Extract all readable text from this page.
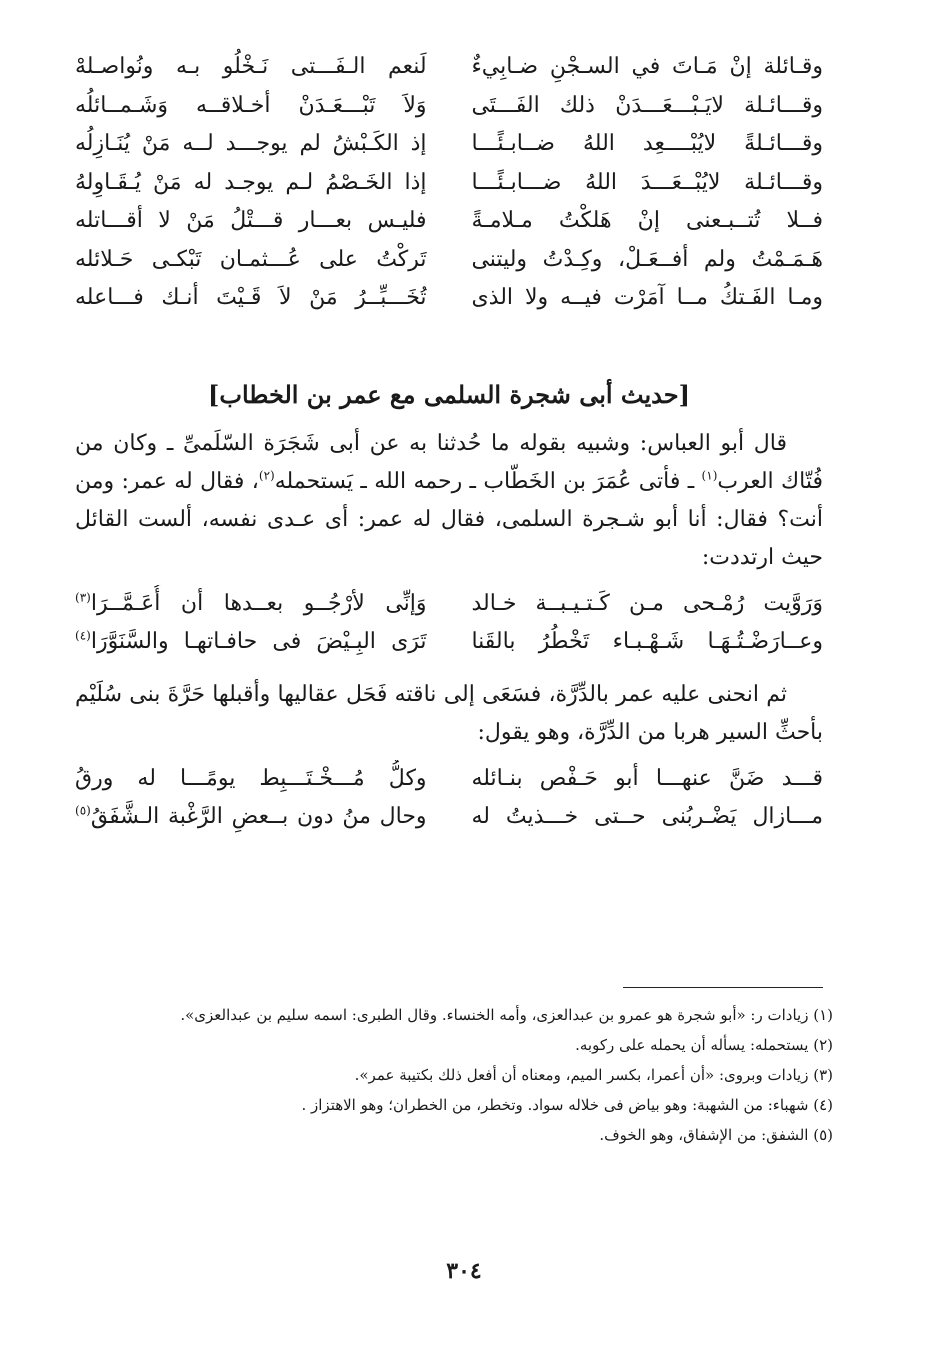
وقـائلة إنْ مَـاتَ في السـجْنِ ضـابِيءٌ
لَنعم الـفَـــتى نَـخْلُو بـه ونُواصـلهْ
وقـــائـلة لايَـبْـــعَـــدَنْ ذلك الفَـــتَى
وَلاَ تَبْـــعَـدَنْ أخـلاقــه وَشَـمــائلُه
وقـــائـلةً لايُبْــــعِد اللهُ ضــابـئًـــا
إذ الكَـبْشُ لم يوجـــد لــه مَنْ يُنَـازِلُه
وقـــائـلة لايُبْــعَـــدَ اللهُ ضـــابـئًـــا
إذا الخَـصْمُ لـم يوجـد له مَنْ يُـقَـاوِلهُ
فــلا تُتــبـعنى إنْ هَلكْتُ مـلامـةً
فليـس بعـــار قـــتْلُ مَنْ لا أقـــاتله
هَـمَـمْتُ ولم أفــعَـلْ، وكِـدْتُ وليتنى
تَركْتُ على عُـــثمـان تَبْكـى حَـلائله
ومـا الفَـتكُ مــا آمَرْت فيــه ولا الذى
تُخَـــبِّــرُ مَنْ لاَ قَـيْتَ أنـك فـــاعله
[حديث أبى شجرة السلمى مع عمر بن الخطاب]

قال أبو العباس: وشبيه بقوله ما حُدثنا به عن أبى شَجَرَة السّلَمىِّ ـ وكان من فُتّاك العرب$^{(١)}$ ـ فأتى عُمَرَ بن الخَطّاب ـ رحمه الله ـ يَستحمله$^{(٢)}$، فقال له عمر: ومن أنت؟ فقال: أنا أبو شـجرة السلمى، فقال له عمر: أى عـدى نفسه، ألست القائل حيث ارتددت:

وَرَوَّيت رُمْـحى مـن كَـتـيـبــة خـالد
وَإنِّى لأرْجُــو بعــدها أن أُعَـمَّــرَا$^{(٣)}$
وعــارَضْـتُـهَـا شَـهْـبـاء تَخْطُرُ بالقَنا
تَرَى البِـيْضَ فى حافـاتهـا والسَّنَوَّرَا$^{(٤)}$

ثم انحنى عليه عمر بالدِّرَّة، فسَعَى إلى ناقته فَحَل عقاليها وأقبلها حَرَّةَ بنى سُلَيْم بأحثِّ السير هربا من الدِّرَّة، وهو يقول:

قـــد ضَنَّ عنهـــا أبو حَـفْص بنـائله
وكلُّ مُـــخْـتَـــبِط يومًـــا له ورقُ
مـــازال يَضْـربُنى حــتى خـــذيتُ له
وحال منُ دون بــعضِ الرَّغْبة الـشَّفَقُ$^{(٥)}$
(١) زيادات ر: «أبو شجرة هو عمرو بن عبدالعزى، وأمه الخنساء. وقال الطبرى: اسمه سليم بن عبدالعزى».
(٢) يستحمله: يسأله أن يحمله على ركوبه.
(٣) زيادات وبروى: «أن أعمرا، بكسر الميم، ومعناه أن أفعل ذلك بكتيبة عمر».
(٤) شهباء: من الشهبة: وهو بياض فى خلاله سواد. وتخطر، من الخطران؛ وهو الاهتزاز .
(٥) الشفق: من الإشفاق، وهو الخوف.
٣٠٤
